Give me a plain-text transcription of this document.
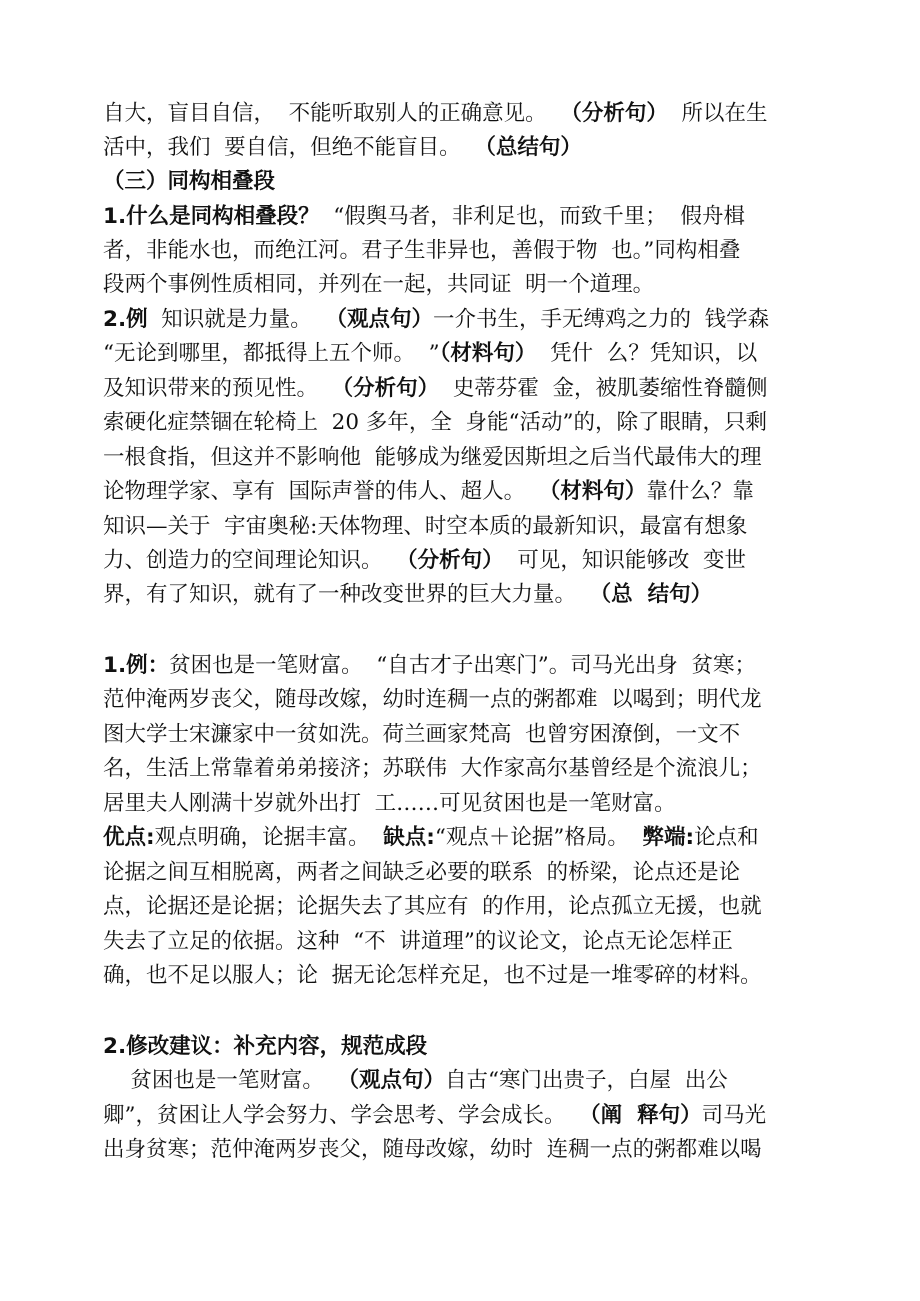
自大，盲目自信，  不能听取别人的正确意见。  （分析句）  所以在生
活中，我们  要自信，但绝不能盲目。  （总结句）
（三）同构相叠段
1.什么是同构相叠段？  “假舆马者，非利足也，而致千里；  假舟楫
者，非能水也，而绝江河。君子生非异也，善假于物  也。”同构相叠
段两个事例性质相同，并列在一起，共同证  明一个道理。
2.例  知识就是力量。  （观点句）一介书生，手无缚鸡之力的  钱学森
“无论到哪里，都抵得上五个师。  ”（材料句）  凭什  么？凭知识，以
及知识带来的预见性。  （分析句）  史蒂芬霍  金，被肌萎缩性脊髓侧
索硬化症禁锢在轮椅上  20 多年，全  身能“活动”的，除了眼睛，只剩
一根食指，但这并不影响他  能够成为继爱因斯坦之后当代最伟大的理
论物理学家、享有  国际声誉的伟人、超人。  （材料句）靠什么？靠
知识—关于  宇宙奥秘:天体物理、时空本质的最新知识，最富有想象
力、创造力的空间理论知识。  （分析句）  可见，知识能够改  变世
界，有了知识，就有了一种改变世界的巨大力量。  （总  结句）
1.例：贫困也是一笔财富。  “自古才子出寒门”。司马光出身  贫寒；
范仲淹两岁丧父，随母改嫁，幼时连稠一点的粥都难  以喝到；明代龙
图大学士宋濂家中一贫如洗。荷兰画家梵高  也曾穷困潦倒，一文不
名，生活上常靠着弟弟接济；苏联伟  大作家高尔基曾经是个流浪儿；
居里夫人刚满十岁就外出打  工……可见贫困也是一笔财富。
优点:观点明确，论据丰富。  缺点:“观点＋论据”格局。  弊端:论点和
论据之间互相脱离，两者之间缺乏必要的联系  的桥梁，论点还是论
点，论据还是论据；论据失去了其应有  的作用，论点孤立无援，也就
失去了立足的依据。这种  “不  讲道理”的议论文，论点无论怎样正
确，也不足以服人；论  据无论怎样充足，也不过是一堆零碎的材料。
2.修改建议：补充内容，规范成段
贫困也是一笔财富。  （观点句）自古“寒门出贵子，白屋  出公
卿”，贫困让人学会努力、学会思考、学会成长。  （阐  释句）司马光
出身贫寒；范仲淹两岁丧父，随母改嫁，幼时  连稠一点的粥都难以喝
